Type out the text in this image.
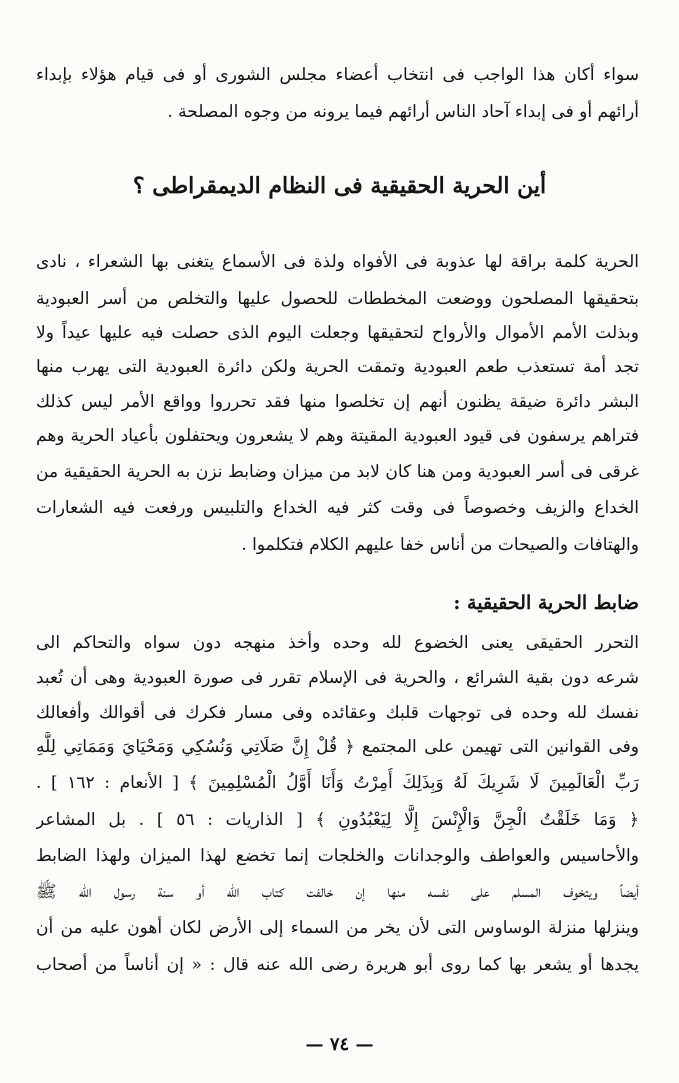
سواء أكان هذا الواجب فى انتخاب أعضاء مجلس الشورى أو فى قيام هؤلاء بإبداء
أرائهم أو فى إبداء آحاد الناس أرائهم فيما يرونه من وجوه المصلحة .
أين الحرية الحقيقية فى النظام الديمقراطى ؟
الحرية كلمة براقة لها عذوبة فى الأفواه ولذة فى الأسماع يتغنى بها الشعراء ، نادى
بتحقيقها المصلحون ووضعت المخططات للحصول عليها والتخلص من أسر العبودية
وبذلت الأمم الأموال والأرواح لتحقيقها وجعلت اليوم الذى حصلت فيه عليها عيداً ولا
تجد أمة تستعذب طعم العبودية وتمقت الحرية ولكن دائرة العبودية التى يهرب منها
البشر دائرة ضيقة يظنون أنهم إن تخلصوا منها فقد تحرروا وواقع الأمر ليس كذلك
فتراهم يرسفون فى قيود العبودية المقيتة وهم لا يشعرون ويحتفلون بأعياد الحرية وهم
غرقى فى أسر العبودية ومن هنا كان لابد من ميزان وضابط نزن به الحرية الحقيقية من
الخداع والزيف وخصوصاً فى وقت كثر فيه الخداع والتلبيس ورفعت فيه الشعارات
والهتافات والصيحات من أناس خفا عليهم الكلام فتكلموا .
ضابط الحرية الحقيقية :
التحرر الحقيقى يعنى الخضوع لله وحده وأخذ منهجه دون سواه والتحاكم الى
شرعه دون بقية الشرائع ، والحرية فى الإسلام تقرر فى صورة العبودية وهى أن تُعبد
نفسك لله وحده فى توجهات قلبك وعقائده وفى مسار فكرك فى أقوالك وأفعالك
وفى القوانين التى تهيمن على المجتمع ﴿ قُلْ إِنَّ صَلَاتِي وَنُسُكِي وَمَحْيَايَ وَمَمَاتِي لِلَّهِ
رَبِّ الْعَالَمِينَ لَا شَرِيكَ لَهُ وَبِذَلِكَ أُمِرْتُ وَأَنَا أَوَّلُ الْمُسْلِمِينَ ﴾ [ الأنعام : ١٦٢ ] .
﴿ وَمَا خَلَقْتُ الْجِنَّ وَالْإِنْسَ إِلَّا لِيَعْبُدُونِ ﴾ [ الذاريات : ٥٦ ] . بل المشاعر
والأحاسيس والعواطف والوجدانات والخلجات إنما تخضع لهذا الميزان ولهذا الضابط
أيضاً ويتخوف المسلم على نفسه منها إن خالفت كتاب الله أو سنة رسول الله ﷺ
وينزلها منزلة الوساوس التى لأن يخر من السماء إلى الأرض لكان أهون عليه من أن
يجدها أو يشعر بها كما روى أبو هريرة رضى الله عنه قال : « إن أناساً من أصحاب
— ٧٤ —
